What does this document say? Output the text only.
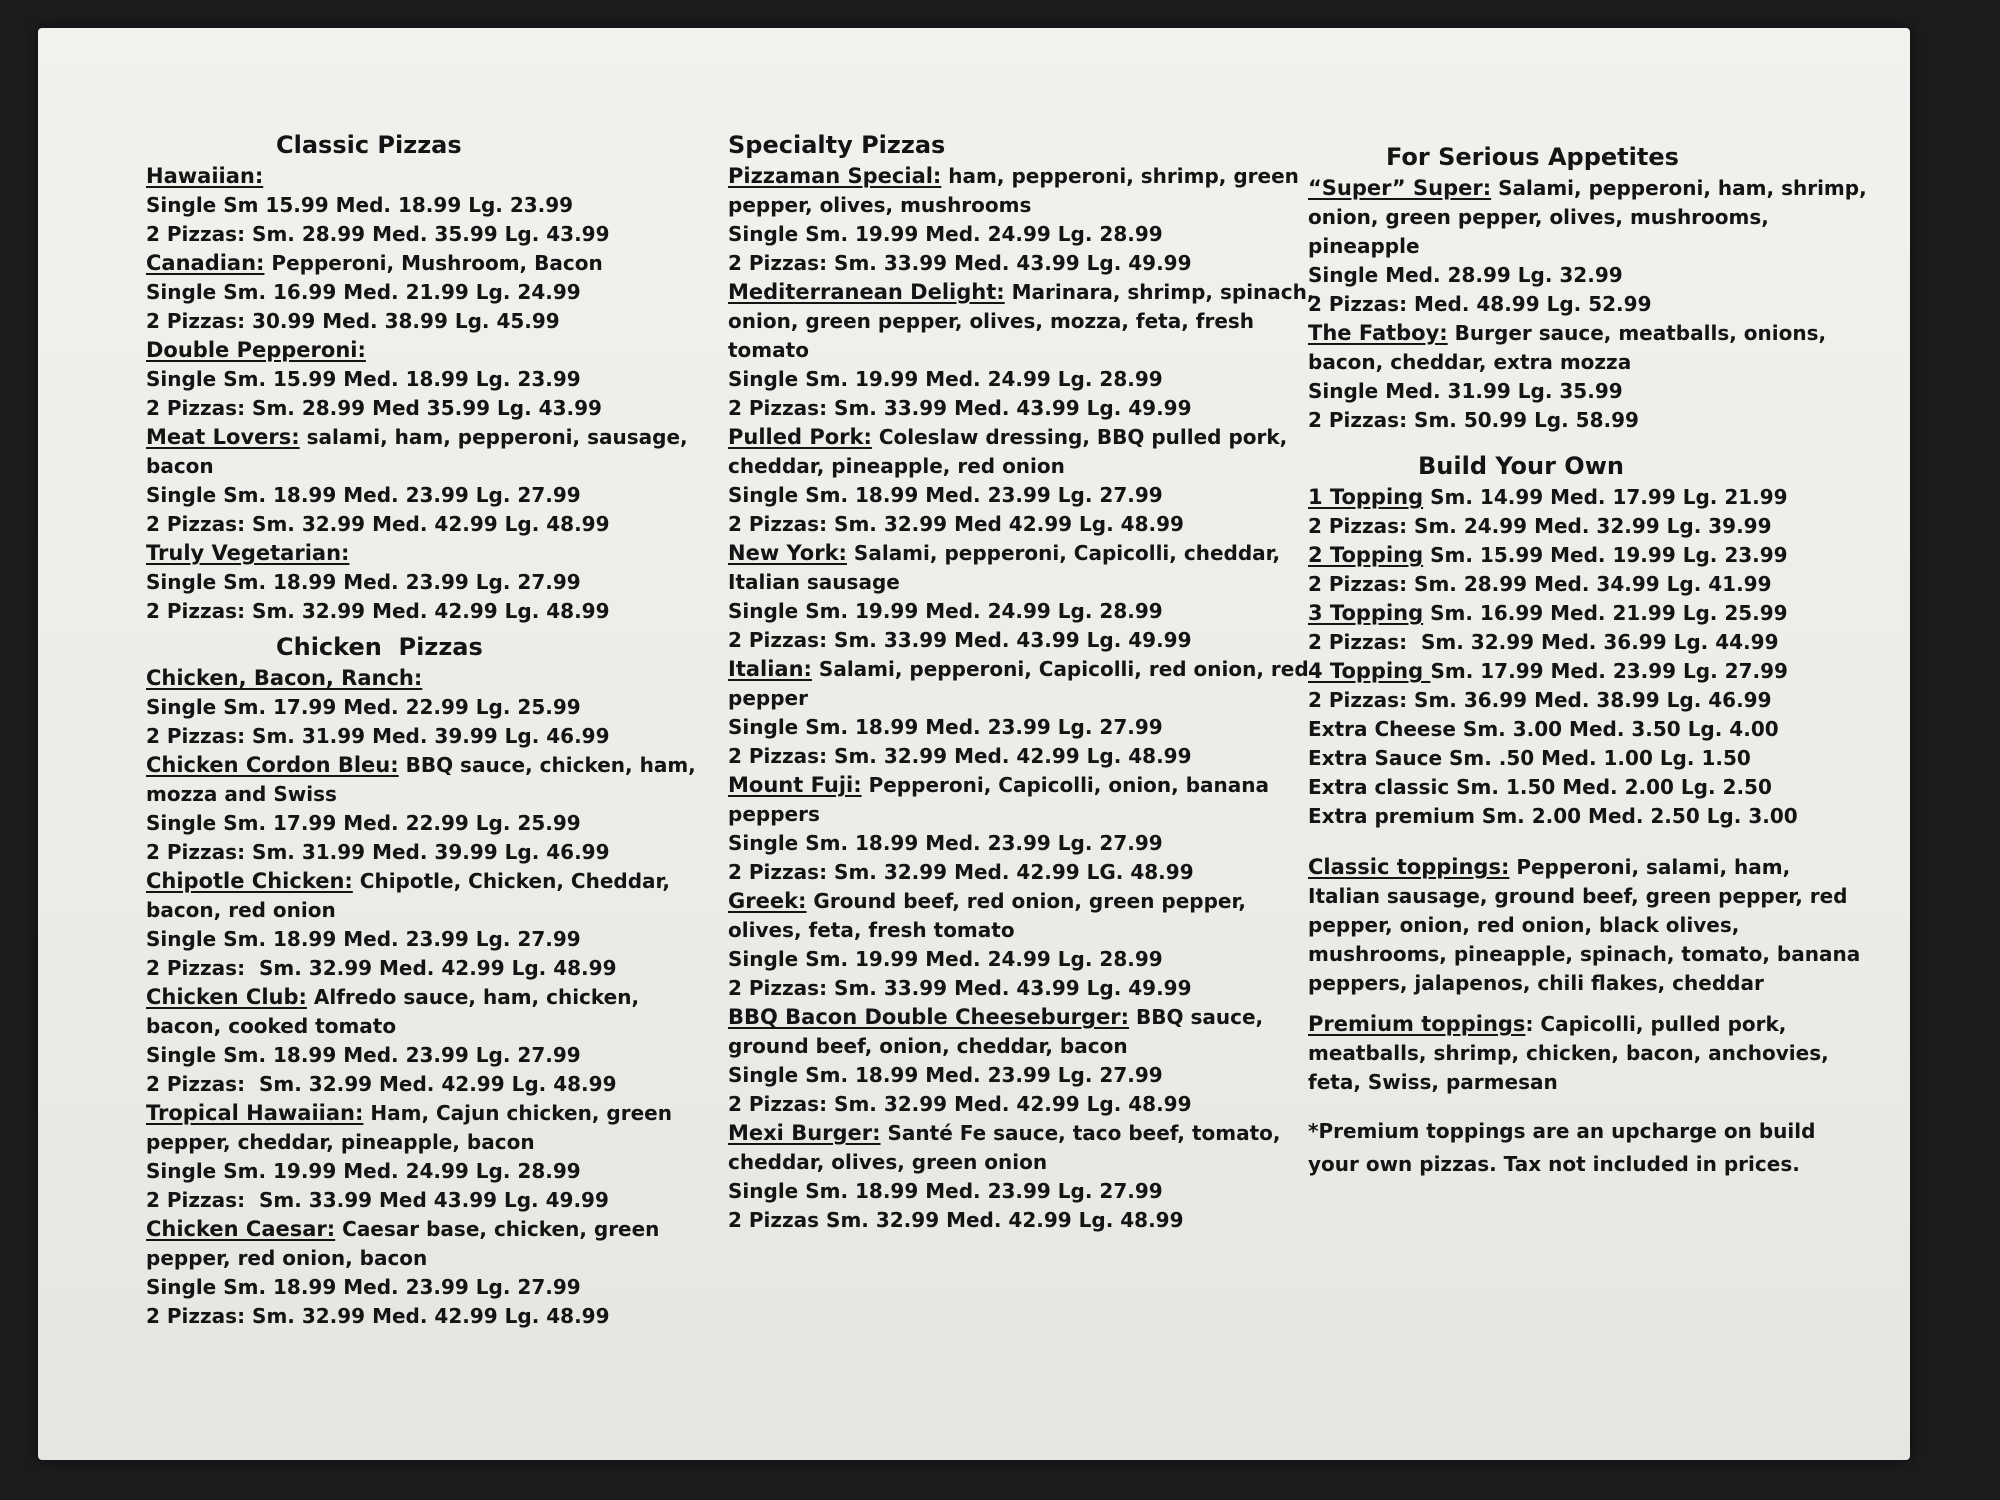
Classic Pizzas
Hawaiian:
Single Sm 15.99 Med. 18.99 Lg. 23.99
2 Pizzas: Sm. 28.99 Med. 35.99 Lg. 43.99
Canadian: Pepperoni, Mushroom, Bacon
Single Sm. 16.99 Med. 21.99 Lg. 24.99
2 Pizzas: 30.99 Med. 38.99 Lg. 45.99
Double Pepperoni:
Single Sm. 15.99 Med. 18.99 Lg. 23.99
2 Pizzas: Sm. 28.99 Med 35.99 Lg. 43.99
Meat Lovers: salami, ham, pepperoni, sausage, bacon
Single Sm. 18.99 Med. 23.99 Lg. 27.99
2 Pizzas: Sm. 32.99 Med. 42.99 Lg. 48.99
Truly Vegetarian:
Single Sm. 18.99 Med. 23.99 Lg. 27.99
2 Pizzas: Sm. 32.99 Med. 42.99 Lg. 48.99
Chicken  Pizzas
Chicken, Bacon, Ranch:
Single Sm. 17.99 Med. 22.99 Lg. 25.99
2 Pizzas: Sm. 31.99 Med. 39.99 Lg. 46.99
Chicken Cordon Bleu: BBQ sauce, chicken, ham, mozza and Swiss
Single Sm. 17.99 Med. 22.99 Lg. 25.99
2 Pizzas: Sm. 31.99 Med. 39.99 Lg. 46.99
Chipotle Chicken: Chipotle, Chicken, Cheddar, bacon, red onion
Single Sm. 18.99 Med. 23.99 Lg. 27.99
2 Pizzas:  Sm. 32.99 Med. 42.99 Lg. 48.99
Chicken Club: Alfredo sauce, ham, chicken, bacon, cooked tomato
Single Sm. 18.99 Med. 23.99 Lg. 27.99
2 Pizzas:  Sm. 32.99 Med. 42.99 Lg. 48.99
Tropical Hawaiian: Ham, Cajun chicken, green pepper, cheddar, pineapple, bacon
Single Sm. 19.99 Med. 24.99 Lg. 28.99
2 Pizzas:  Sm. 33.99 Med 43.99 Lg. 49.99
Chicken Caesar: Caesar base, chicken, green pepper, red onion, bacon
Single Sm. 18.99 Med. 23.99 Lg. 27.99
2 Pizzas: Sm. 32.99 Med. 42.99 Lg. 48.99
Specialty Pizzas
Pizzaman Special: ham, pepperoni, shrimp, green pepper, olives, mushrooms
Single Sm. 19.99 Med. 24.99 Lg. 28.99
2 Pizzas: Sm. 33.99 Med. 43.99 Lg. 49.99
Mediterranean Delight: Marinara, shrimp, spinach, onion, green pepper, olives, mozza, feta, fresh tomato
Single Sm. 19.99 Med. 24.99 Lg. 28.99
2 Pizzas: Sm. 33.99 Med. 43.99 Lg. 49.99
Pulled Pork: Coleslaw dressing, BBQ pulled pork, cheddar, pineapple, red onion
Single Sm. 18.99 Med. 23.99 Lg. 27.99
2 Pizzas: Sm. 32.99 Med 42.99 Lg. 48.99
New York: Salami, pepperoni, Capicolli, cheddar, Italian sausage
Single Sm. 19.99 Med. 24.99 Lg. 28.99
2 Pizzas: Sm. 33.99 Med. 43.99 Lg. 49.99
Italian: Salami, pepperoni, Capicolli, red onion, red pepper
Single Sm. 18.99 Med. 23.99 Lg. 27.99
2 Pizzas: Sm. 32.99 Med. 42.99 Lg. 48.99
Mount Fuji: Pepperoni, Capicolli, onion, banana peppers
Single Sm. 18.99 Med. 23.99 Lg. 27.99
2 Pizzas: Sm. 32.99 Med. 42.99 LG. 48.99
Greek: Ground beef, red onion, green pepper, olives, feta, fresh tomato
Single Sm. 19.99 Med. 24.99 Lg. 28.99
2 Pizzas: Sm. 33.99 Med. 43.99 Lg. 49.99
BBQ Bacon Double Cheeseburger: BBQ sauce, ground beef, onion, cheddar, bacon
Single Sm. 18.99 Med. 23.99 Lg. 27.99
2 Pizzas: Sm. 32.99 Med. 42.99 Lg. 48.99
Mexi Burger: Santé Fe sauce, taco beef, tomato, cheddar, olives, green onion
Single Sm. 18.99 Med. 23.99 Lg. 27.99
2 Pizzas Sm. 32.99 Med. 42.99 Lg. 48.99
For Serious Appetites
“Super” Super: Salami, pepperoni, ham, shrimp, onion, green pepper, olives, mushrooms, pineapple
Single Med. 28.99 Lg. 32.99
2 Pizzas: Med. 48.99 Lg. 52.99
The Fatboy: Burger sauce, meatballs, onions, bacon, cheddar, extra mozza
Single Med. 31.99 Lg. 35.99
2 Pizzas: Sm. 50.99 Lg. 58.99
Build Your Own
1 Topping Sm. 14.99 Med. 17.99 Lg. 21.99
2 Pizzas: Sm. 24.99 Med. 32.99 Lg. 39.99
2 Topping Sm. 15.99 Med. 19.99 Lg. 23.99
2 Pizzas: Sm. 28.99 Med. 34.99 Lg. 41.99
3 Topping Sm. 16.99 Med. 21.99 Lg. 25.99
2 Pizzas:  Sm. 32.99 Med. 36.99 Lg. 44.99
4 Topping Sm. 17.99 Med. 23.99 Lg. 27.99
2 Pizzas: Sm. 36.99 Med. 38.99 Lg. 46.99
Extra Cheese Sm. 3.00 Med. 3.50 Lg. 4.00
Extra Sauce Sm. .50 Med. 1.00 Lg. 1.50
Extra classic Sm. 1.50 Med. 2.00 Lg. 2.50
Extra premium Sm. 2.00 Med. 2.50 Lg. 3.00
Classic toppings: Pepperoni, salami, ham, Italian sausage, ground beef, green pepper, red pepper, onion, red onion, black olives, mushrooms, pineapple, spinach, tomato, banana peppers, jalapenos, chili flakes, cheddar
Premium toppings: Capicolli, pulled pork, meatballs, shrimp, chicken, bacon, anchovies, feta, Swiss, parmesan
*Premium toppings are an upcharge on build your own pizzas. Tax not included in prices.
